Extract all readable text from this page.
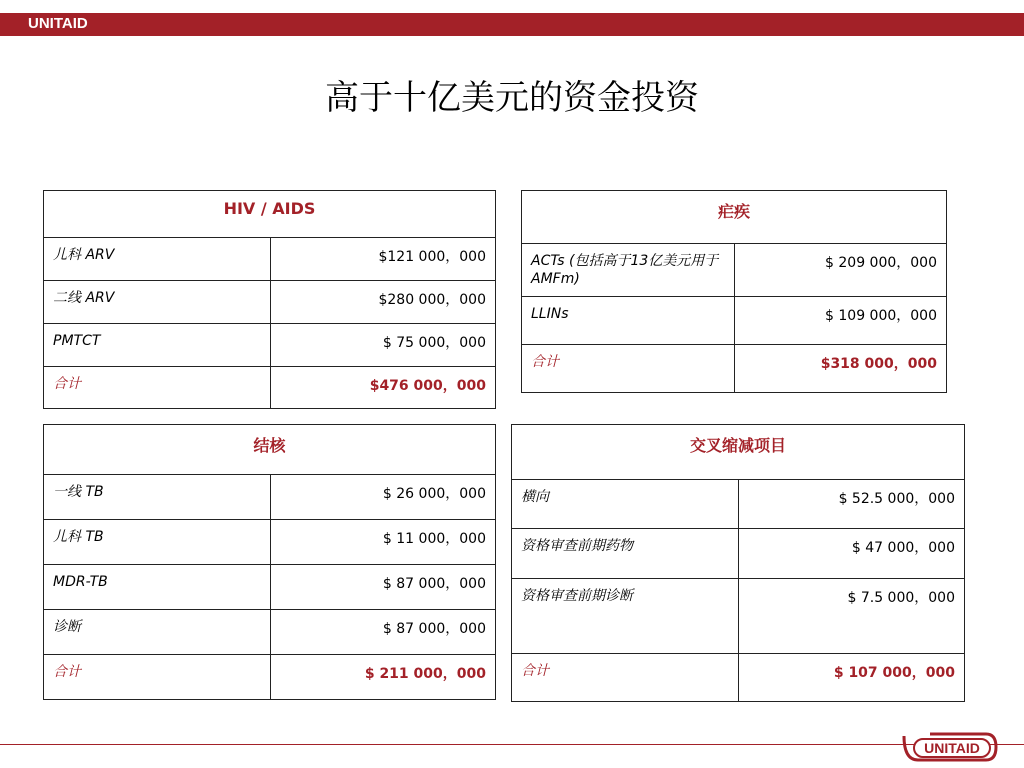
UNITAID
高于十亿美元的资金投资
HIV / AIDS	
儿科 ARV	$121 000，000
二线 ARV	$280 000，000
PMTCT	$ 75 000，000
合计	$476 000，000
疟疾	
ACTs (包括高于13亿美元用于 AMFm)	$ 209 000，000
LLINs	$ 109 000，000
合计	$318 000，000
结核	
一线 TB	$ 26 000，000
儿科 TB	$ 11 000，000
MDR-TB	$ 87 000，000
诊断	$ 87 000，000
合计	$ 211 000，000
交叉缩减项目	
横向	$ 52.5 000，000
资格审查前期药物	$ 47 000，000
资格审查前期诊断	$ 7.5 000，000
合计	$ 107 000，000
UNITAID
